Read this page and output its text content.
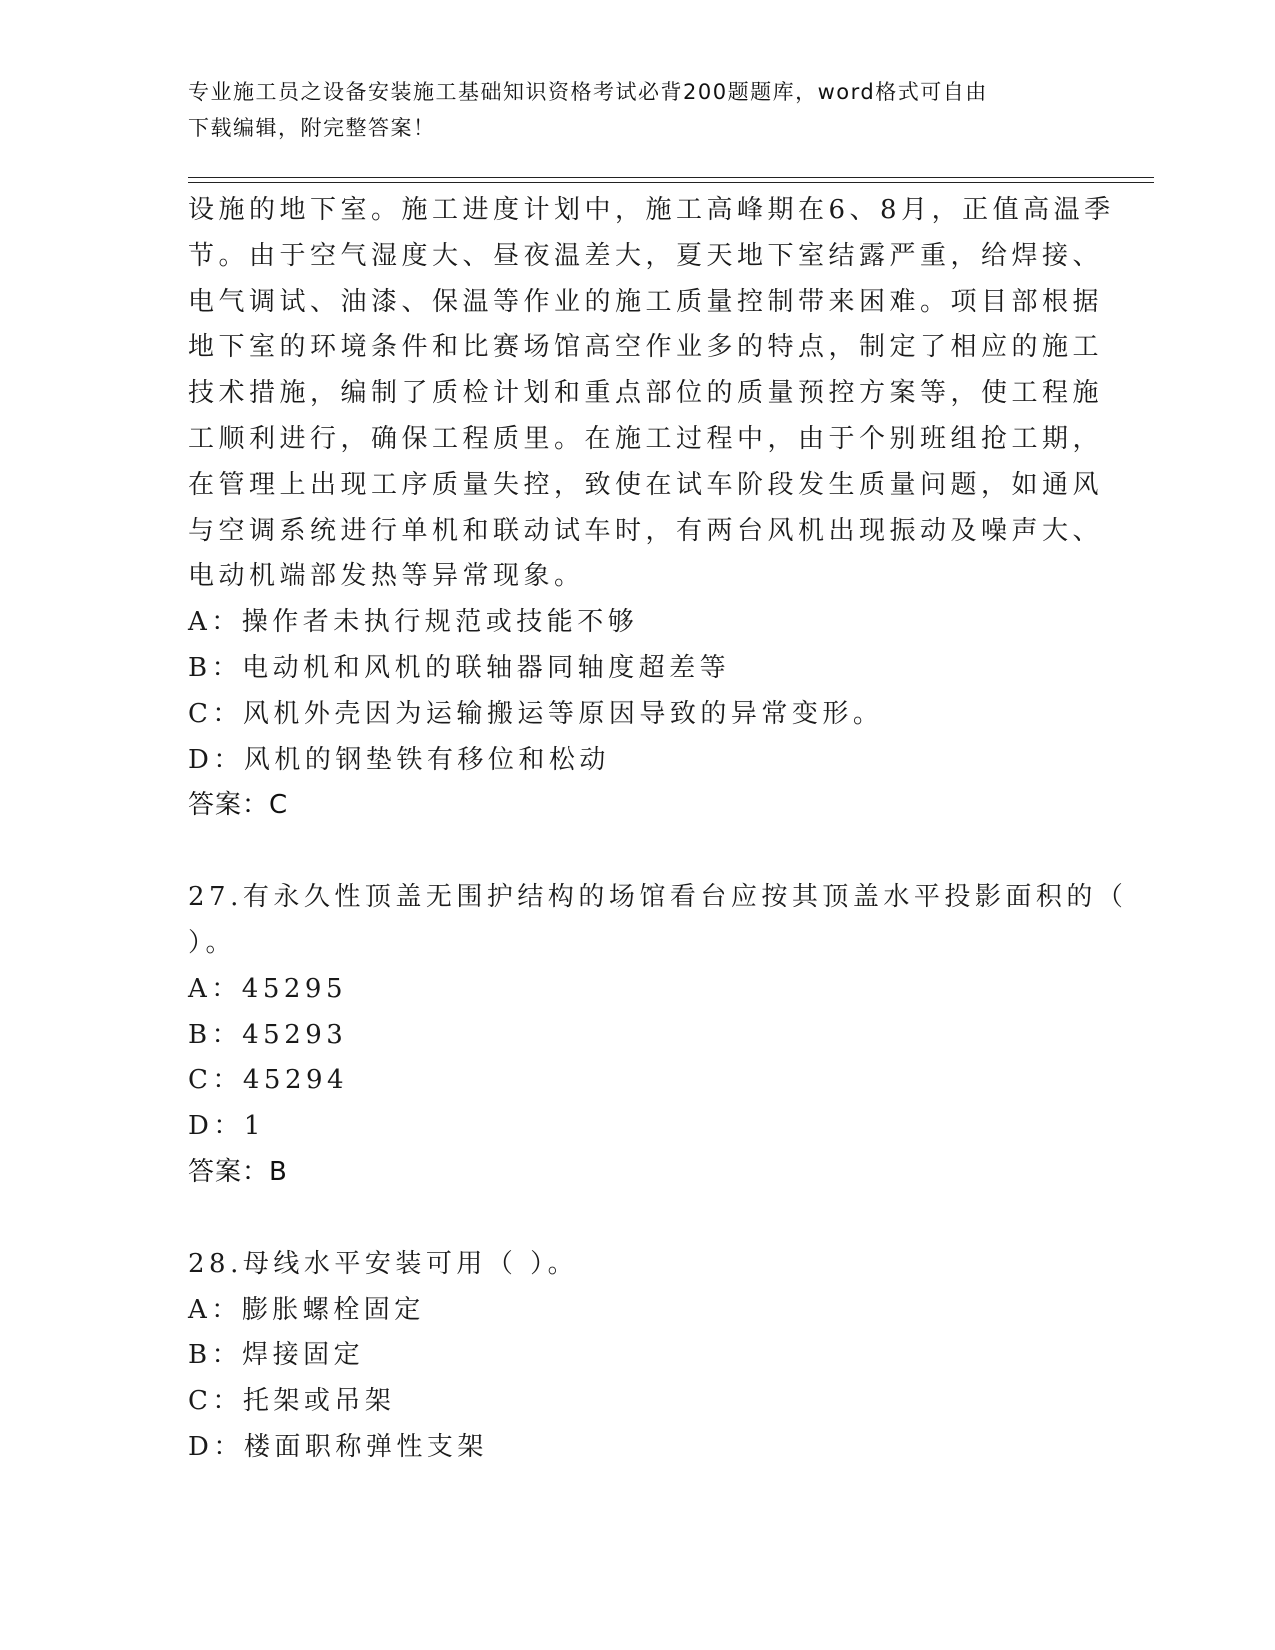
专业施工员之设备安装施工基础知识资格考试必背200题题库，word格式可自由
下载编辑，附完整答案！

设施的地下室。施工进度计划中，施工高峰期在6、8月，正值高温季

节。由于空气湿度大、昼夜温差大，夏天地下室结露严重，给焊接、

电气调试、油漆、保温等作业的施工质量控制带来困难。项目部根据

地下室的环境条件和比赛场馆高空作业多的特点，制定了相应的施工

技术措施，编制了质检计划和重点部位的质量预控方案等，使工程施

工顺利进行，确保工程质里。在施工过程中，由于个别班组抢工期，

在管理上出现工序质量失控，致使在试车阶段发生质量问题，如通风

与空调系统进行单机和联动试车时，有两台风机出现振动及噪声大、

电动机端部发热等异常现象。

A：操作者未执行规范或技能不够

B：电动机和风机的联轴器同轴度超差等

C：风机外壳因为运输搬运等原因导致的异常变形。

D：风机的钢垫铁有移位和松动

答案：C

27.有永久性顶盖无围护结构的场馆看台应按其顶盖水平投影面积的（

）。

A：45295

B：45293

C：45294

D：1

答案：B

28.母线水平安装可用（ ）。

A：膨胀螺栓固定

B：焊接固定

C：托架或吊架

D：楼面职称弹性支架
